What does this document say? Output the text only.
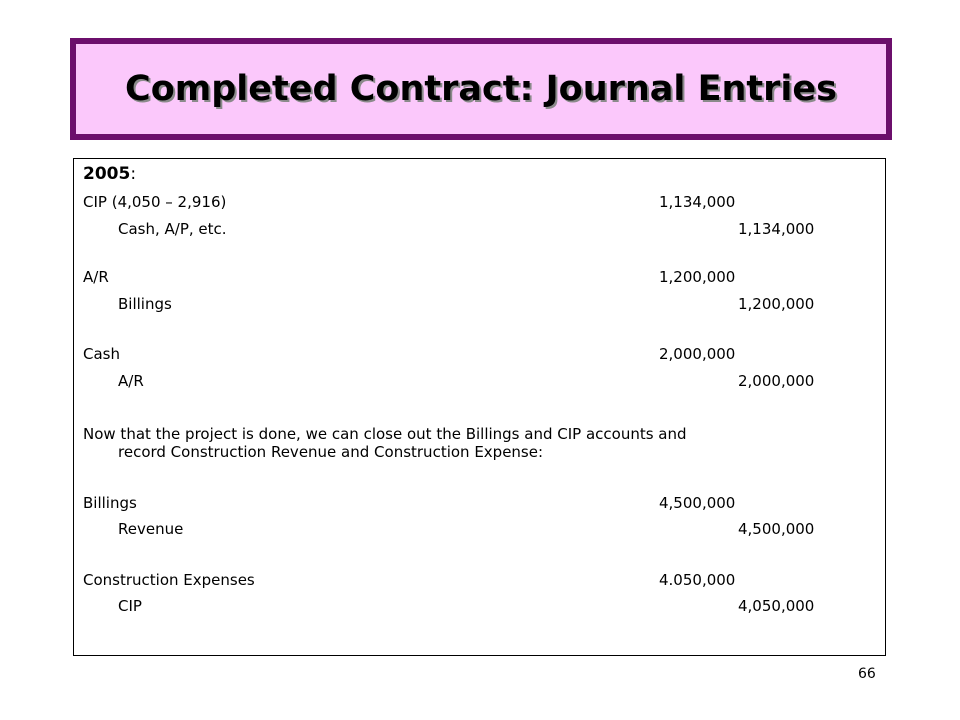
Completed Contract: Journal Entries
2005:
CIP (4,050 – 2,916)	1,134,000
Cash, A/P, etc.	1,134,000
A/R	1,200,000
Billings	1,200,000
Cash	2,000,000
A/R	2,000,000
Now that the project is done, we can close out the Billings and CIP accounts and
record Construction Revenue and Construction Expense:
Billings	4,500,000
Revenue	4,500,000
Construction Expenses	4.050,000
CIP	4,050,000
66
